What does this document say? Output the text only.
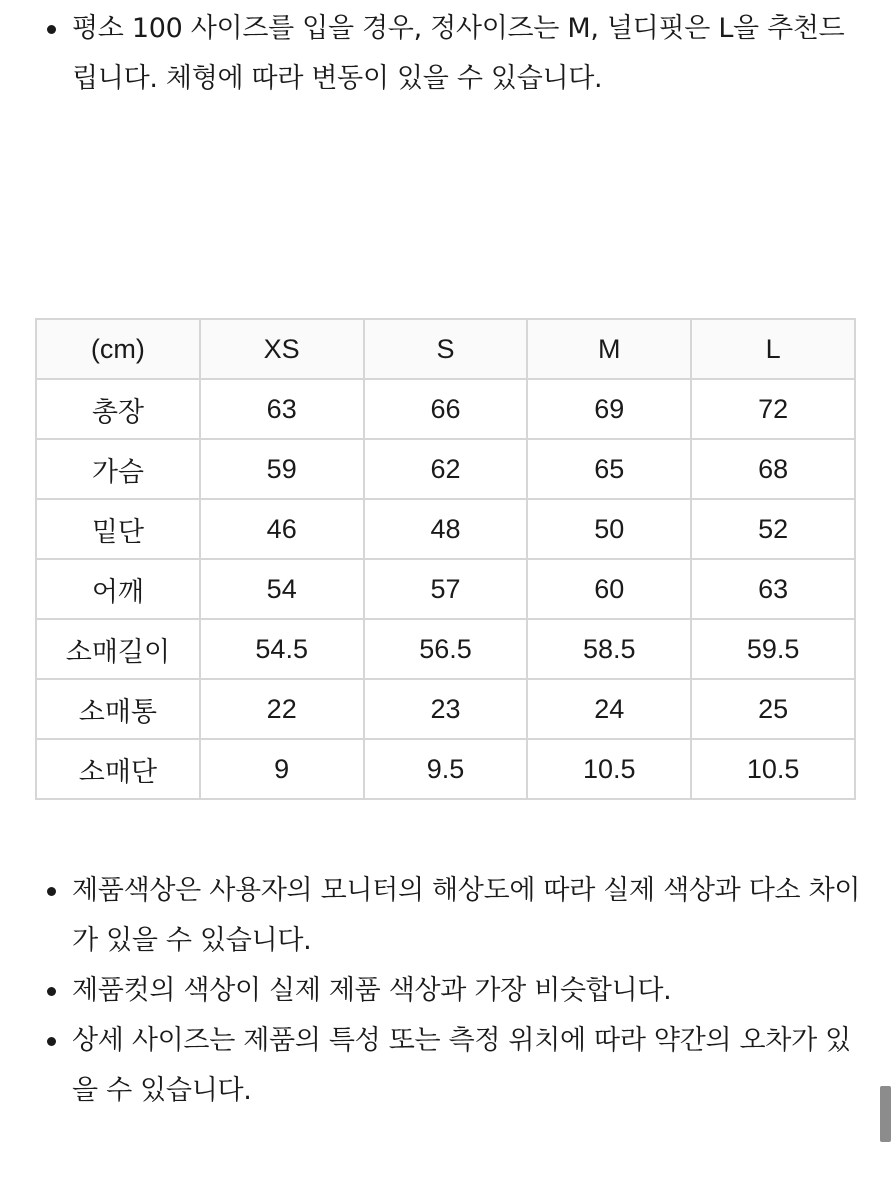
평소 100 사이즈를 입을 경우, 정사이즈는 M, 널디핏은 L을 추천드립니다. 체형에 따라 변동이 있을 수 있습니다.
(cm)	XS	S	M	L
총장	63	66	69	72
가슴	59	62	65	68
밑단	46	48	50	52
어깨	54	57	60	63
소매길이	54.5	56.5	58.5	59.5
소매통	22	23	24	25
소매단	9	9.5	10.5	10.5
제품색상은 사용자의 모니터의 해상도에 따라 실제 색상과 다소 차이가 있을 수 있습니다.
제품컷의 색상이 실제 제품 색상과 가장 비슷합니다.
상세 사이즈는 제품의 특성 또는 측정 위치에 따라 약간의 오차가 있을 수 있습니다.
